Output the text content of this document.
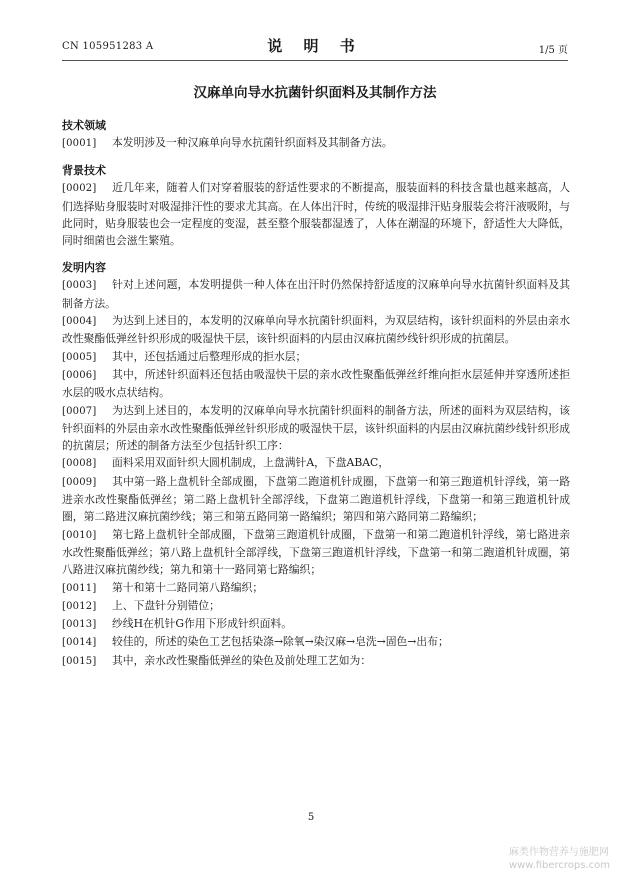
CN 105951283 A	说 明 书	1/5 页
汉麻单向导水抗菌针织面料及其制作方法
技术领域
[0001] 本发明涉及一种汉麻单向导水抗菌针织面料及其制备方法。
背景技术
[0002] 近几年来，随着人们对穿着服装的舒适性要求的不断提高，服装面料的科技含量也越来越高，人们选择贴身服装时对吸湿排汗性的要求尤其高。在人体出汗时，传统的吸湿排汗贴身服装会将汗液吸附，与此同时，贴身服装也会一定程度的变湿，甚至整个服装都湿透了，人体在潮湿的环境下，舒适性大大降低，同时细菌也会滋生繁殖。
发明内容
[0003] 针对上述问题，本发明提供一种人体在出汗时仍然保持舒适度的汉麻单向导水抗菌针织面料及其制备方法。
[0004] 为达到上述目的，本发明的汉麻单向导水抗菌针织面料，为双层结构，该针织面料的外层由亲水改性聚酯低弹丝针织形成的吸湿快干层，该针织面料的内层由汉麻抗菌纱线针织形成的抗菌层。
[0005] 其中，还包括通过后整理形成的拒水层；
[0006] 其中，所述针织面料还包括由吸湿快干层的亲水改性聚酯低弹丝纤维向拒水层延伸并穿透所述拒水层的吸水点状结构。
[0007] 为达到上述目的，本发明的汉麻单向导水抗菌针织面料的制备方法，所述的面料为双层结构，该针织面料的外层由亲水改性聚酯低弹丝针织形成的吸湿快干层，该针织面料的内层由汉麻抗菌纱线针织形成的抗菌层；所述的制备方法至少包括针织工序：
[0008] 面料采用双面针织大圆机制成，上盘满针A，下盘ABAC，
[0009] 其中第一路上盘机针全部成圈，下盘第二跑道机针成圈，下盘第一和第三跑道机针浮线，第一路进亲水改性聚酯低弹丝；第二路上盘机针全部浮线，下盘第二跑道机针浮线，下盘第一和第三跑道机针成圈，第二路进汉麻抗菌纱线；第三和第五路同第一路编织；第四和第六路同第二路编织；
[0010] 第七路上盘机针全部成圈，下盘第三跑道机针成圈，下盘第一和第二跑道机针浮线，第七路进亲水改性聚酯低弹丝；第八路上盘机针全部浮线，下盘第三跑道机针浮线，下盘第一和第二跑道机针成圈，第八路进汉麻抗菌纱线；第九和第十一路同第七路编织；
[0011] 第十和第十二路同第八路编织；
[0012] 上、下盘针分别错位；
[0013] 纱线H在机针G作用下形成针织面料。
[0014] 较佳的，所述的染色工艺包括染涤→除氧→染汉麻→皂洗→固色→出布；
[0015] 其中，亲水改性聚酯低弹丝的染色及前处理工艺如为：
5
麻类作物营养与施肥网
www.fibercrops.com
